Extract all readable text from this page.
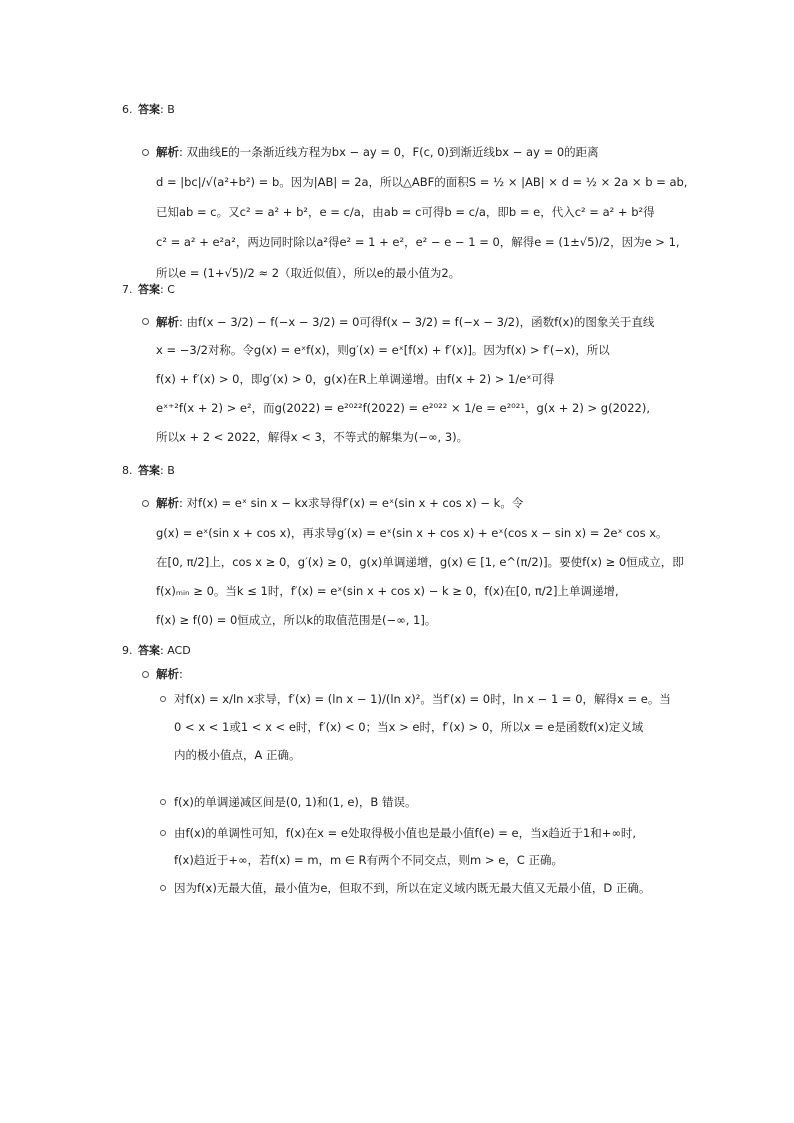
6. 答案: B
解析: 双曲线E的一条渐近线方程为bx − ay = 0，F(c, 0)到渐近线bx − ay = 0的距离
d = |bc|/√(a²+b²) = b。因为|AB| = 2a，所以△ABF的面积S = ½ × |AB| × d = ½ × 2a × b = ab,
已知ab = c。又c² = a² + b²，e = c/a，由ab = c可得b = c/a，即b = e，代入c² = a² + b²得
c² = a² + e²a²，两边同时除以a²得e² = 1 + e²，e² − e − 1 = 0，解得e = (1±√5)/2，因为e > 1,
所以e = (1+√5)/2 ≈ 2（取近似值），所以e的最小值为2。
7. 答案: C
解析: 由f(x − 3/2) − f(−x − 3/2) = 0可得f(x − 3/2) = f(−x − 3/2)，函数f(x)的图象关于直线
x = −3/2对称。令g(x) = eˣf(x)，则g′(x) = eˣ[f(x) + f′(x)]。因为f(x) > f′(−x)，所以
f(x) + f′(x) > 0，即g′(x) > 0，g(x)在R上单调递增。由f(x + 2) > 1/eˣ可得
eˣ⁺²f(x + 2) > e²，而g(2022) = e²⁰²²f(2022) = e²⁰²² × 1/e = e²⁰²¹，g(x + 2) > g(2022),
所以x + 2 < 2022，解得x < 3，不等式的解集为(−∞, 3)。
8. 答案: B
解析: 对f(x) = eˣ sin x − kx求导得f′(x) = eˣ(sin x + cos x) − k。令
g(x) = eˣ(sin x + cos x)，再求导g′(x) = eˣ(sin x + cos x) + eˣ(cos x − sin x) = 2eˣ cos x。
在[0, π/2]上，cos x ≥ 0，g′(x) ≥ 0，g(x)单调递增，g(x) ∈ [1, e^(π/2)]。要使f(x) ≥ 0恒成立，即
f(x)ₘᵢₙ ≥ 0。当k ≤ 1时，f′(x) = eˣ(sin x + cos x) − k ≥ 0，f(x)在[0, π/2]上单调递增,
f(x) ≥ f(0) = 0恒成立，所以k的取值范围是(−∞, 1]。
9. 答案: ACD
解析:
对f(x) = x/ln x求导，f′(x) = (ln x − 1)/(ln x)²。当f′(x) = 0时，ln x − 1 = 0，解得x = e。当
0 < x < 1或1 < x < e时，f′(x) < 0；当x > e时，f′(x) > 0，所以x = e是函数f(x)定义域
内的极小值点，A 正确。
f(x)的单调递减区间是(0, 1)和(1, e)，B 错误。
由f(x)的单调性可知，f(x)在x = e处取得极小值也是最小值f(e) = e，当x趋近于1和+∞时,
f(x)趋近于+∞，若f(x) = m，m ∈ R有两个不同交点，则m > e，C 正确。
因为f(x)无最大值，最小值为e，但取不到，所以在定义域内既无最大值又无最小值，D 正确。
